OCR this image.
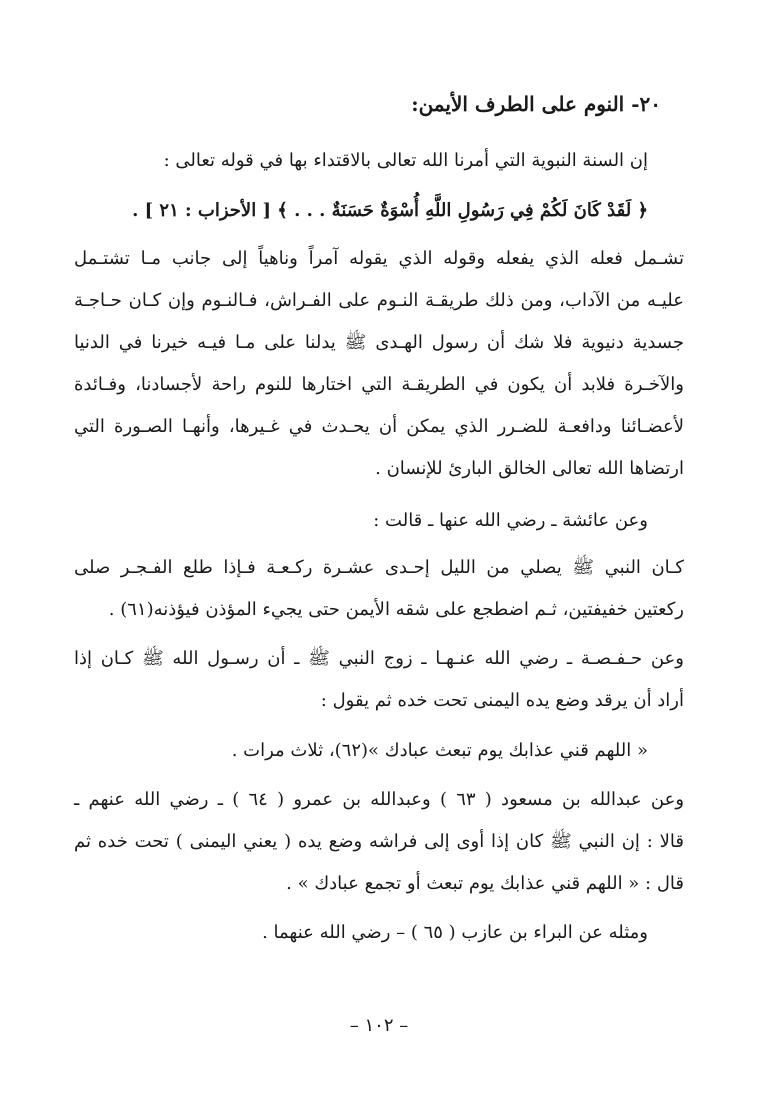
٢٠- النوم على الطرف الأيمن:
إن السنة النبوية التي أمرنا الله تعالى بالاقتداء بها في قوله تعالى :
﴿ لَقَدْ كَانَ لَكُمْ فِي رَسُولِ اللَّهِ أُسْوَةٌ حَسَنَةٌ . . . ﴾ [ الأحزاب : ٢١ ] .
تشـمل فعله الذي يفعله وقوله الذي يقوله آمراً وناهياً إلى جانب مـا تشتـمل
عليـه من الآداب، ومن ذلك طريقـة النـوم على الفـراش، فـالنـوم وإن كـان حـاجـة
جسدية دنيوية فلا شك أن رسول الهـدى ﷺ يدلنا على مـا فيـه خيرنا في الدنيا
والآخـرة فلابد أن يكون في الطريقـة التي اختارها للنوم راحة لأجسادنا، وفـائدة
لأعضـائنا ودافعـة للضـرر الذي يمكن أن يحـدث في غـيرها، وأنهـا الصـورة التي
ارتضاها الله تعالى الخالق البارئ للإنسان .
وعن عائشة ـ رضي الله عنها ـ قالت :
كـان النبي ﷺ يصلي من الليل إحـدى عشـرة ركـعـة فـإذا طلع الفـجـر صلى
ركعتين خفيفتين، ثـم اضطجع على شقه الأيمن حتى يجيء المؤذن فيؤذنه(٦١) .
وعن حـفـصـة ـ رضي الله عنـهـا ـ زوج النبي ﷺ ـ أن رسـول الله ﷺ كـان إذا
أراد أن يرقد وضع يده اليمنى تحت خده ثم يقول :
« اللهم قني عذابك يوم تبعث عبادك »(٦٢)، ثلاث مرات .
وعن عبدالله بن مسعود ( ٦٣ ) وعبدالله بن عمرو ( ٦٤ ) ـ رضي الله عنهم ـ
قالا : إن النبي ﷺ كان إذا أوى إلى فراشه وضع يده ( يعني اليمنى ) تحت خده ثم
قال : « اللهم قني عذابك يوم تبعث أو تجمع عبادك » .
ومثله عن البراء بن عازب ( ٦٥ ) – رضي الله عنهما .
– ١٠٢ –
